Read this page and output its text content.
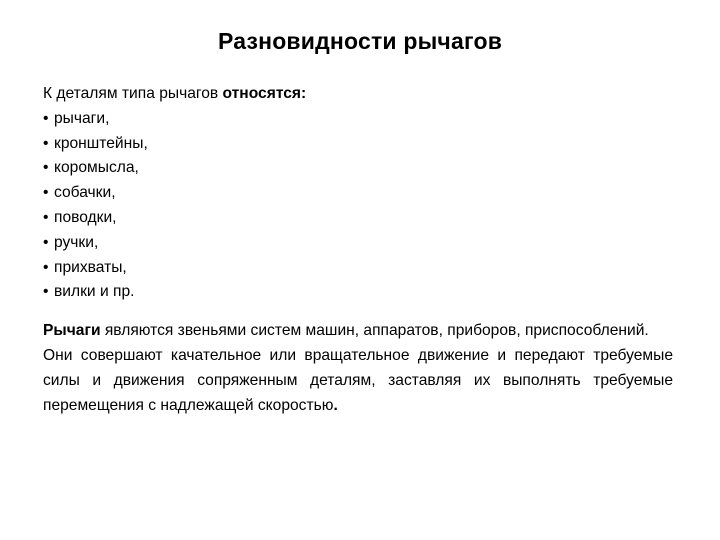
Разновидности рычагов
К деталям типа рычагов относятся:
• рычаги,
• кронштейны,
• коромысла,
• собачки,
• поводки,
• ручки,
• прихваты,
• вилки и пр.

Рычаги являются звеньями систем машин, аппаратов, приборов, приспособлений.

Они совершают качательное или вращательное движение и передают требуемые силы и движения сопряженным деталям, заставляя их выполнять требуемые перемещения с надлежащей скоростью.
